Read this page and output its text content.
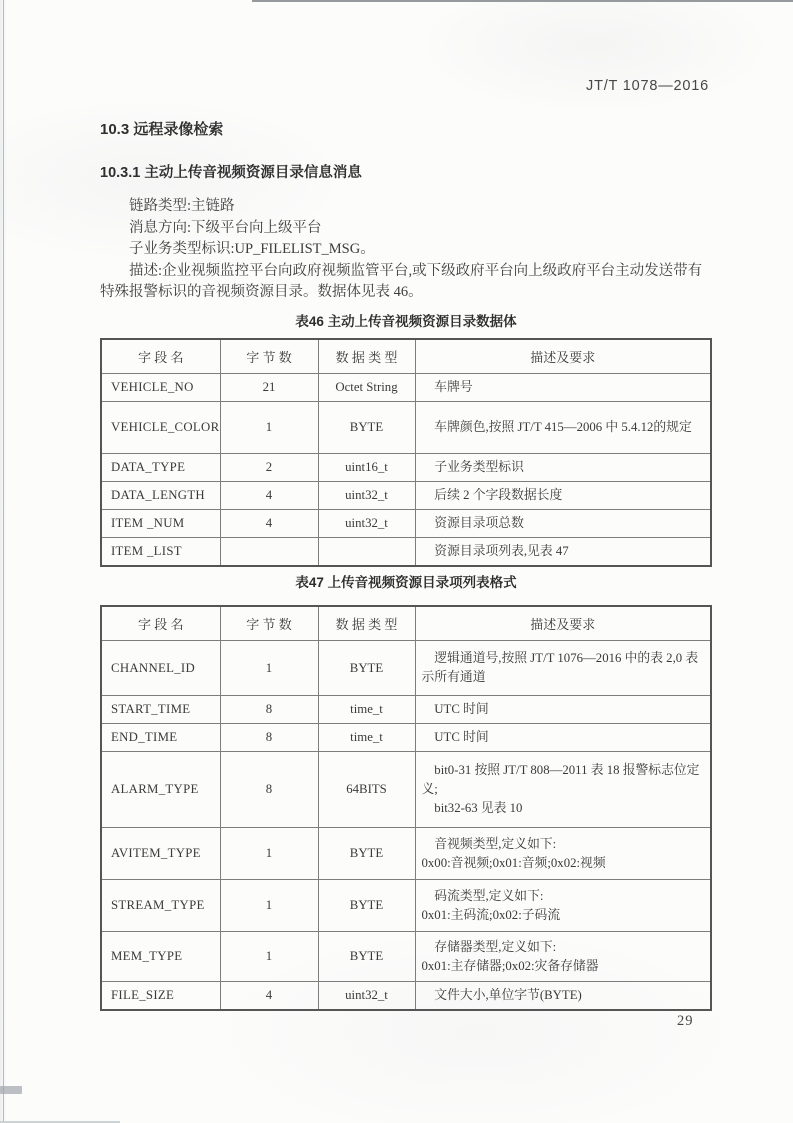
JT/T 1078—2016
10.3 远程录像检索
10.3.1 主动上传音视频资源目录信息消息

链路类型:主链路

消息方向:下级平台向上级平台

子业务类型标识:UP_FILELIST_MSG。

描述:企业视频监控平台向政府视频监管平台,或下级政府平台向上级政府平台主动发送带有特殊报警标识的音视频资源目录。数据体见表 46。

表46 主动上传音视频资源目录数据体

字 段 名	字 节 数	数 据 类 型	描述及要求
VEHICLE_NO	21	Octet String	车牌号

VEHICLE_COLOR	1	BYTE	车牌颜色,按照 JT/T 415—2006 中 5.4.12的规定

DATA_TYPE	2	uint16_t	子业务类型标识

DATA_LENGTH	4	uint32_t	后续 2 个字段数据长度

ITEM _NUM	4	uint32_t	资源目录项总数

ITEM _LIST			资源目录项列表,见表 47

表47 上传音视频资源目录项列表格式

字 段 名	字 节 数	数 据 类 型	描述及要求
CHANNEL_ID	1	BYTE	逻辑通道号,按照 JT/T 1076—2016 中的表 2,0 表示所有通道

START_TIME	8	time_t	UTC 时间

END_TIME	8	time_t	UTC 时间

ALARM_TYPE	8	64BITS	bit0-31 按照 JT/T 808—2011 表 18 报警标志位定义;

bit32-63 见表 10

AVITEM_TYPE	1	BYTE	音视频类型,定义如下:

0x00:音视频;0x01:音频;0x02:视频

STREAM_TYPE	1	BYTE	码流类型,定义如下:

0x01:主码流;0x02:子码流

MEM_TYPE	1	BYTE	存储器类型,定义如下:

0x01:主存储器;0x02:灾备存储器

FILE_SIZE	4	uint32_t	文件大小,单位字节(BYTE)

29
